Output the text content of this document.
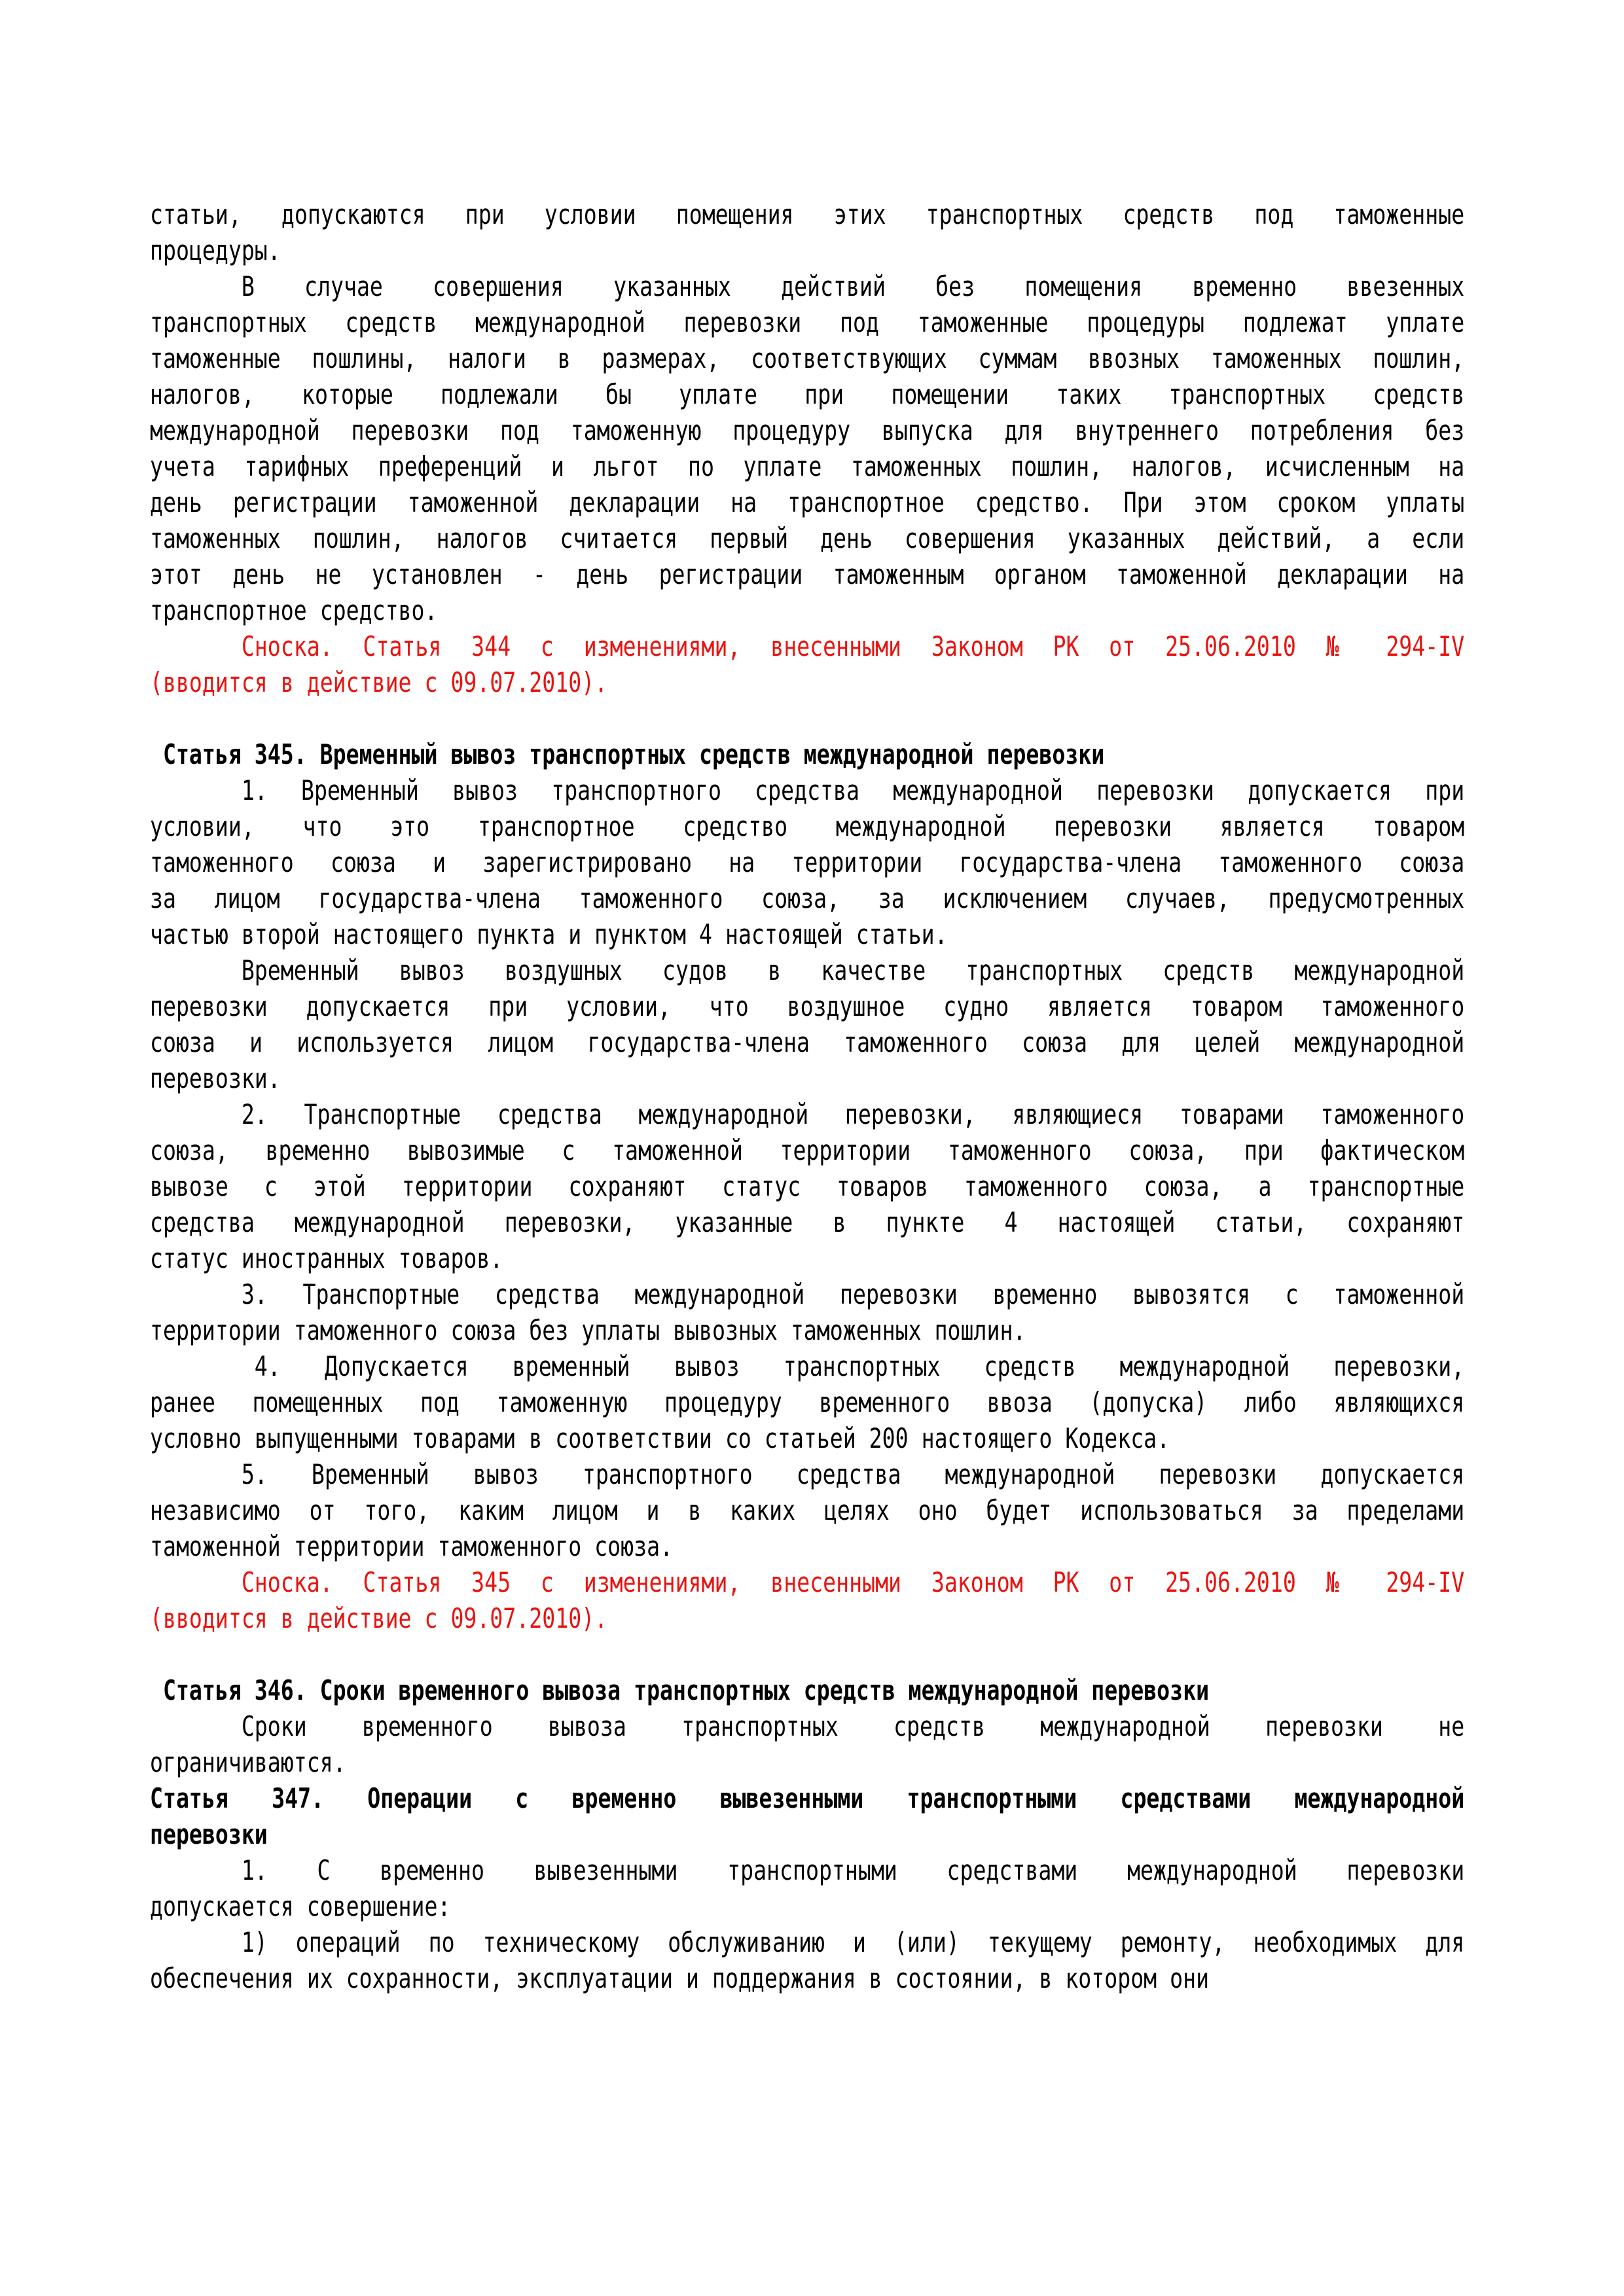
статьи, допускаются при условии помещения этих транспортных средств под таможенные
процедуры.
В случае совершения указанных действий без помещения временно ввезенных
транспортных средств международной перевозки под таможенные процедуры подлежат уплате
таможенные пошлины, налоги в размерах, соответствующих суммам ввозных таможенных пошлин,
налогов, которые подлежали бы уплате при помещении таких транспортных средств
международной перевозки под таможенную процедуру выпуска для внутреннего потребления без
учета тарифных преференций и льгот по уплате таможенных пошлин, налогов, исчисленным на
день регистрации таможенной декларации на транспортное средство. При этом сроком уплаты
таможенных пошлин, налогов считается первый день совершения указанных действий, а если
этот день не установлен - день регистрации таможенным органом таможенной декларации на
транспортное средство.
Сноска. Статья 344 с изменениями, внесенными Законом РК от 25.06.2010 № 294-IV
(вводится в действие с 09.07.2010).
Статья 345. Временный вывоз транспортных средств международной перевозки
1. Временный вывоз транспортного средства международной перевозки допускается при
условии, что это транспортное средство международной перевозки является товаром
таможенного союза и зарегистрировано на территории государства-члена таможенного союза
за лицом государства-члена таможенного союза, за исключением случаев, предусмотренных
частью второй настоящего пункта и пунктом 4 настоящей статьи.
Временный вывоз воздушных судов в качестве транспортных средств международной
перевозки допускается при условии, что воздушное судно является товаром таможенного
союза и используется лицом государства-члена таможенного союза для целей международной
перевозки.
2. Транспортные средства международной перевозки, являющиеся товарами таможенного
союза, временно вывозимые с таможенной территории таможенного союза, при фактическом
вывозе с этой территории сохраняют статус товаров таможенного союза, а транспортные
средства международной перевозки, указанные в пункте 4 настоящей статьи, сохраняют
статус иностранных товаров.
3. Транспортные средства международной перевозки временно вывозятся с таможенной
территории таможенного союза без уплаты вывозных таможенных пошлин.
4. Допускается временный вывоз транспортных средств международной перевозки,
ранее помещенных под таможенную процедуру временного ввоза (допуска) либо являющихся
условно выпущенными товарами в соответствии со статьей 200 настоящего Кодекса.
5. Временный вывоз транспортного средства международной перевозки допускается
независимо от того, каким лицом и в каких целях оно будет использоваться за пределами
таможенной территории таможенного союза.
Сноска. Статья 345 с изменениями, внесенными Законом РК от 25.06.2010 № 294-IV
(вводится в действие с 09.07.2010).
Статья 346. Сроки временного вывоза транспортных средств международной перевозки
Сроки временного вывоза транспортных средств международной перевозки не
ограничиваются.
Статья 347. Операции с временно вывезенными транспортными средствами международной
перевозки
1. С временно вывезенными транспортными средствами международной перевозки
допускается совершение:
1) операций по техническому обслуживанию и (или) текущему ремонту, необходимых для
обеспечения их сохранности, эксплуатации и поддержания в состоянии, в котором они
